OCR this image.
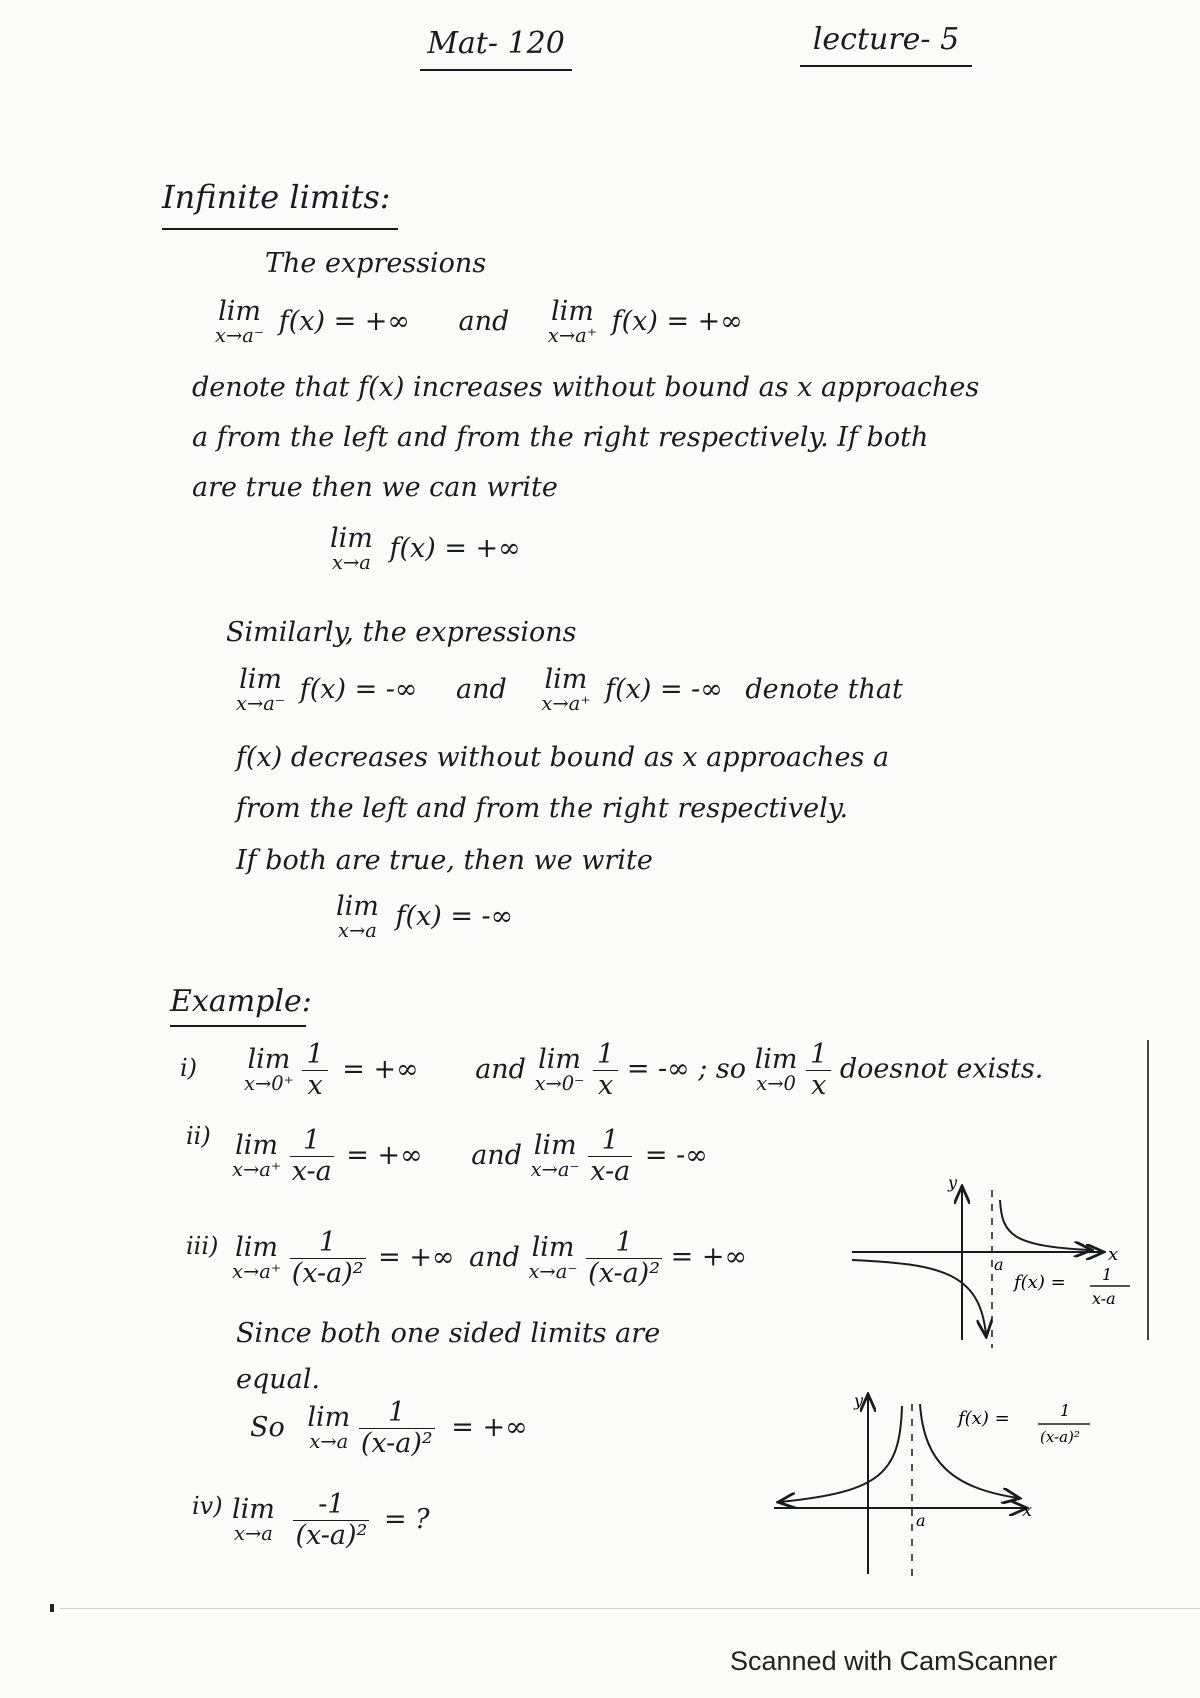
Mat- 120	lecture- 5
Infinite limits:
The expressions
lim
x→a⁻ f(x) = +∞ and lim
x→a⁺ f(x) = +∞
denote that f(x) increases without bound as x approaches
a from the left and from the right respectively. If both
are true then we can write
lim
x→a f(x) = +∞
Similarly, the expressions
lim
x→a⁻ f(x) = -∞ and lim
x→a⁺ f(x) = -∞ denote that
f(x) decreases without bound as x approaches a
from the left and from the right respectively.
If both are true, then we write
lim
x→a f(x) = -∞
Example:
i) lim
x→0⁺
$\frac{1}{x}$ = +∞ and lim
x→0⁻
$\frac{1}{x}$ = -∞ ; so lim
x→0
$\frac{1}{x}$ doesnot exists.
ii) lim
x→a⁺
$\frac{1}{x-a}$ = +∞ and lim
x→a⁻
$\frac{1}{x-a}$ = -∞
iii) lim
x→a⁺
$\frac{1}{\text{(x-a)²}}$ = +∞ and lim
x→a⁻
$\frac{1}{\text{(x-a)²}}$ = +∞
Since both one sided limits are
equal.
So lim
x→a
$\frac{1}{\text{(x-a)²}}$ = +∞
iv) lim
x→a
$\frac{-1}{\text{(x-a)²}}$ = ?
y
x
a
f(x) = 1
x-a
y
x
a
f(x) =	1
(x-a)²
Scanned with CamScanner
